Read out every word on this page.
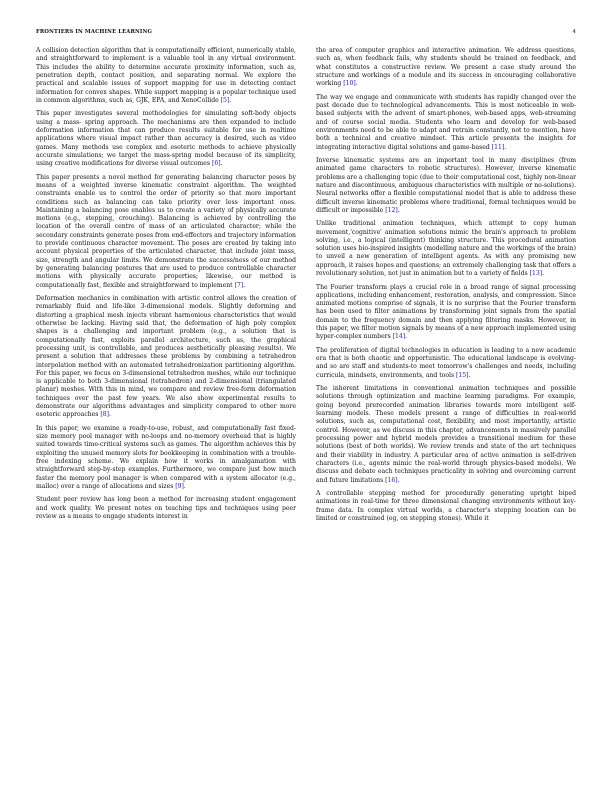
FRONTIERS IN MACHINE LEARNING	4

A collision detection algorithm that is computationally efficient, numerically stable, and straightforward to implement is a valuable tool in any virtual environment. This includes the ability to determine accurate proximity information, such as, penetration depth, contact position, and separating normal. We explore the practical and scalable issues of support mapping for use in detecting contact information for convex shapes. While support mapping is a popular technique used in common algorithms, such as, GJK, EPA, and XenoCollide [5].

This paper investigates several methodologies for simulating soft-body objects using a mass- spring approach. The mechanisms are then expanded to include deformation information that can produce results suitable for use in realtime applications where visual impact rather than accuracy is desired, such as video games. Many methods use complex and esoteric methods to achieve physically accurate simulations; we target the mass-spring model because of its simplicity, using creative modifications for diverse visual outcomes [6].

This paper presents a novel method for generating balancing character poses by means of a weighted inverse kinematic constraint algorithm. The weighted constraints enable us to control the order of priority so that more important conditions such as balancing can take priority over less important ones. Maintaining a balancing pose enables us to create a variety of physically accurate motions (e.g., stepping, crouching). Balancing is achieved by controlling the location of the overall centre of mass of an articulated character; while the secondary constraints generate poses from end-effectors and trajectory information to provide continuous character movement. The poses are created by taking into account physical properties of the articulated character, that include joint mass, size, strength and angular limits. We demonstrate the success/ness of our method by generating balancing postures that are used to produce controllable character motions with physically accurate properties; likewise, our method is computationally fast, flexible and straightforward to implement [7].

Deformation mechanics in combination with artistic control allows the creation of remarkably fluid and life-like 3-dimensional models. Slightly deforming and distorting a graphical mesh injects vibrant harmonious characteristics that would otherwise be lacking. Having said that, the deformation of high poly complex shapes is a challenging and important problem (e.g., a solution that is computationally fast, exploits parallel architecture, such as, the graphical processing unit, is controllable, and produces aesthetically pleasing results). We present a solution that addresses these problems by combining a tetrahedron interpolation method with an automated tetrahedronization partitioning algorithm. For this paper, we focus on 3-dimensional tetrahedron meshes, while our technique is applicable to both 3-dimensional (tetrahedron) and 2-dimensional (triangulated planar) meshes. With this in mind, we compare and review free-form deformation techniques over the past few years. We also show experimental results to demonstrate our algorithms advantages and simplicity compared to other more esoteric approaches [8].

In this paper, we examine a ready-to-use, robust, and computationally fast fixed-size memory pool manager with no-loops and no-memory overhead that is highly suited towards time-critical systems such as games. The algorithm achieves this by exploiting the unused memory slots for bookkeeping in combination with a trouble-free indexing scheme. We explain how it works in amalgamation with straightforward step-by-step examples. Furthermore, we compare just how much faster the memory pool manager is when compared with a system allocator (e.g., malloc) over a range of allocations and sizes [9].

Student peer review has long been a method for increasing student engagement and work quality. We present notes on teaching tips and techniques using peer review as a means to engage students interest in

the area of computer graphics and interactive animation. We address questions, such as, when feedback fails, why students should be trained on feedback, and what constitutes a constructive review. We present a case study around the structure and workings of a module and its success in encouraging collaborative working [10].

The way we engage and communicate with students has rapidly changed over the past decade due to technological advancements. This is most noticeable in web-based subjects with the advent of smart-phones, web-based apps, web-streaming and of course social media. Students who learn and develop for web-based environments need to be able to adapt and retrain constantly, not to mention, have both a technical and creative mindset. This article presents the insights for integrating interactive digital solutions and game-based [11].

Inverse kinematic systems are an important tool in many disciplines (from animated game characters to robotic structures). However, inverse kinematic problems are a challenging topic (due to their computational cost, highly non-linear nature and discontinuous, ambiguous characteristics with multiple or no-solutions). Neural networks offer a flexible computational model that is able to address these difficult inverse kinematic problems where traditional, formal techniques would be difficult or impossible [12].

Unlike traditional animation techniques, which attempt to copy human movement,'cognitive' animation solutions mimic the brain's approach to problem solving, i.e., a logical (intelligent) thinking structure. This procedural animation solution uses bio-inspired insights (modelling nature and the workings of the brain) to unveil a new generation of intelligent agents. As with any promising new approach, it raises hopes and questions; an extremely challenging task that offers a revolutionary solution, not just in animation but to a variety of fields [13].

The Fourier transform plays a crucial role in a broad range of signal processing applications, including enhancement, restoration, analysis, and compression. Since animated motions comprise of signals, it is no surprise that the Fourier transform has been used to filter animations by transforming joint signals from the spatial domain to the frequency domain and then applying filtering masks. However, in this paper, we filter motion signals by means of a new approach implemented using hyper-complex numbers [14].

The proliferation of digital technologies in education is leading to a new academic era that is both chaotic and opportunistic. The educational landscape is evolving-and so are staff and students-to meet tomorrow's challenges and needs, including curricula, mindsets, environments, and tools [15].

The inherent limitations in conventional animation techniques and possible solutions through optimization and machine learning paradigms. For example, going beyond prerecorded animation libraries towards more intelligent self-learning models. These models present a range of difficulties in real-world solutions, such as, computational cost, flexibility, and most importantly, artistic control. However, as we discuss in this chapter, advancements in massively parallel processing power and hybrid models provides a transitional medium for these solutions (best of both worlds). We review trends and state of the art techniques and their viability in industry. A particular area of active animation is self-driven characters (i.e., agents mimic the real-world through physics-based models). We discuss and debate each techniques practicality in solving and overcoming current and future limitations [16].

A controllable stepping method for procedurally generating upright biped animations in real-time for three dimensional changing environments without key-frame data. In complex virtual worlds, a character's stepping location can be limited or constrained (eg, on stepping stones). While it
